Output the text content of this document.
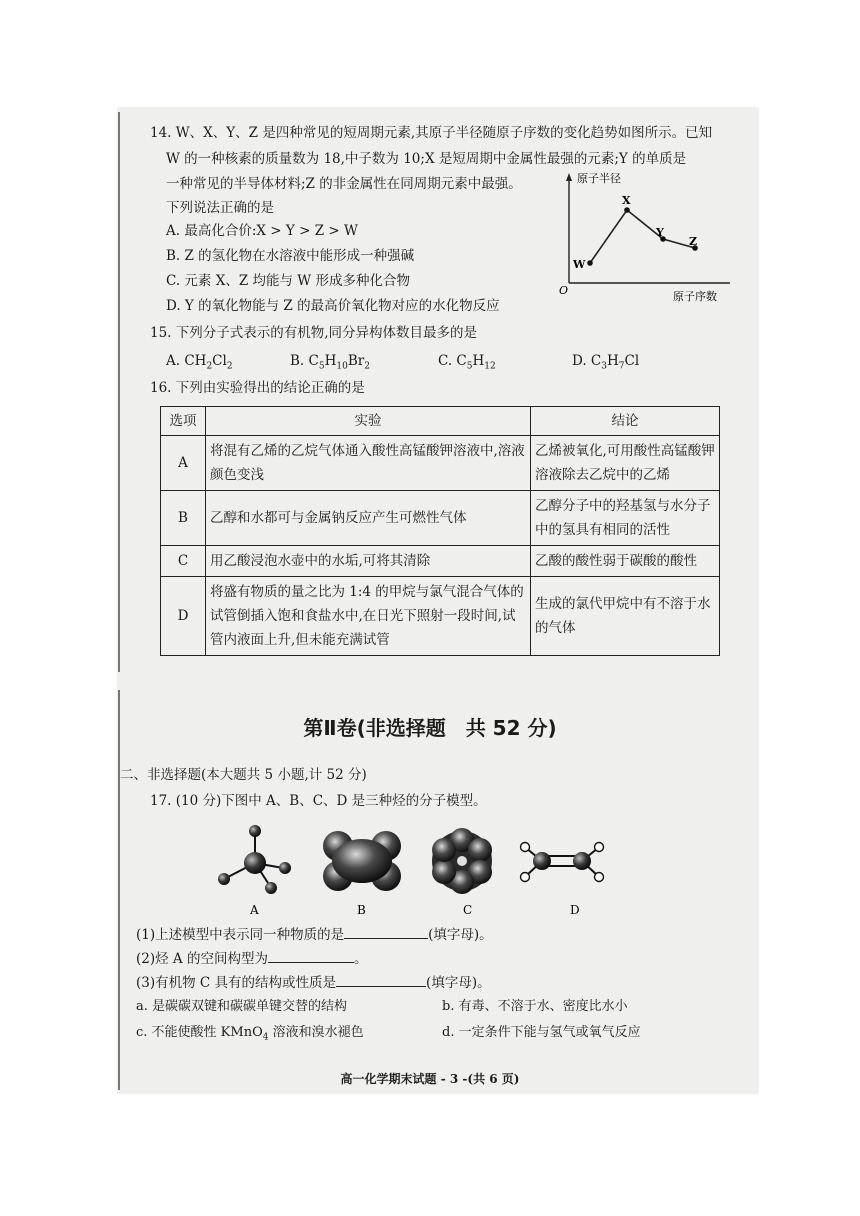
14. W、X、Y、Z 是四种常见的短周期元素,其原子半径随原子序数的变化趋势如图所示。已知
W 的一种核素的质量数为 18,中子数为 10;X 是短周期中金属性最强的元素;Y 的单质是
一种常见的半导体材料;Z 的非金属性在同周期元素中最强。
下列说法正确的是
A. 最高化合价:X > Y > Z > W
B. Z 的氢化物在水溶液中能形成一种强碱
C. 元素 X、Z 均能与 W 形成多种化合物
D. Y 的氧化物能与 Z 的最高价氧化物对应的水化物反应
W
X
Y
Z
原子半径
O	原子序数
15. 下列分子式表示的有机物,同分异构体数目最多的是
A. $CH_2Cl_2$	B. $C_5H_{10}Br_2$	C. $C_5H_{12}$	D. $C_3H_7Cl$
16. 下列由实验得出的结论正确的是
选项	实验	结论
A	将混有乙烯的乙烷气体通入酸性高锰酸钾溶液中,溶液颜色变浅	乙烯被氧化,可用酸性高锰酸钾溶液除去乙烷中的乙烯
B	乙醇和水都可与金属钠反应产生可燃性气体	乙醇分子中的羟基氢与水分子中的氢具有相同的活性
C	用乙酸浸泡水壶中的水垢,可将其清除	乙酸的酸性弱于碳酸的酸性
D	将盛有物质的量之比为 1:4 的甲烷与氯气混合气体的试管倒插入饱和食盐水中,在日光下照射一段时间,试管内液面上升,但未能充满试管	生成的氯代甲烷中有不溶于水的气体
第Ⅱ卷(非选择题　共 52 分)
二、非选择题(本大题共 5 小题,计 52 分)
17. (10 分)下图中 A、B、C、D 是三种烃的分子模型。
A	B	C	D
(1)上述模型中表示同一种物质的是	(填字母)。
(2)烃 A 的空间构型为	。
(3)有机物 C 具有的结构或性质是	(填字母)。
a. 是碳碳双键和碳碳单键交替的结构	b. 有毒、不溶于水、密度比水小
c. 不能使酸性 KMnO$_4$ 溶液和溴水褪色	d. 一定条件下能与氢气或氧气反应
高一化学期末试题 - 3 -(共 6 页)
